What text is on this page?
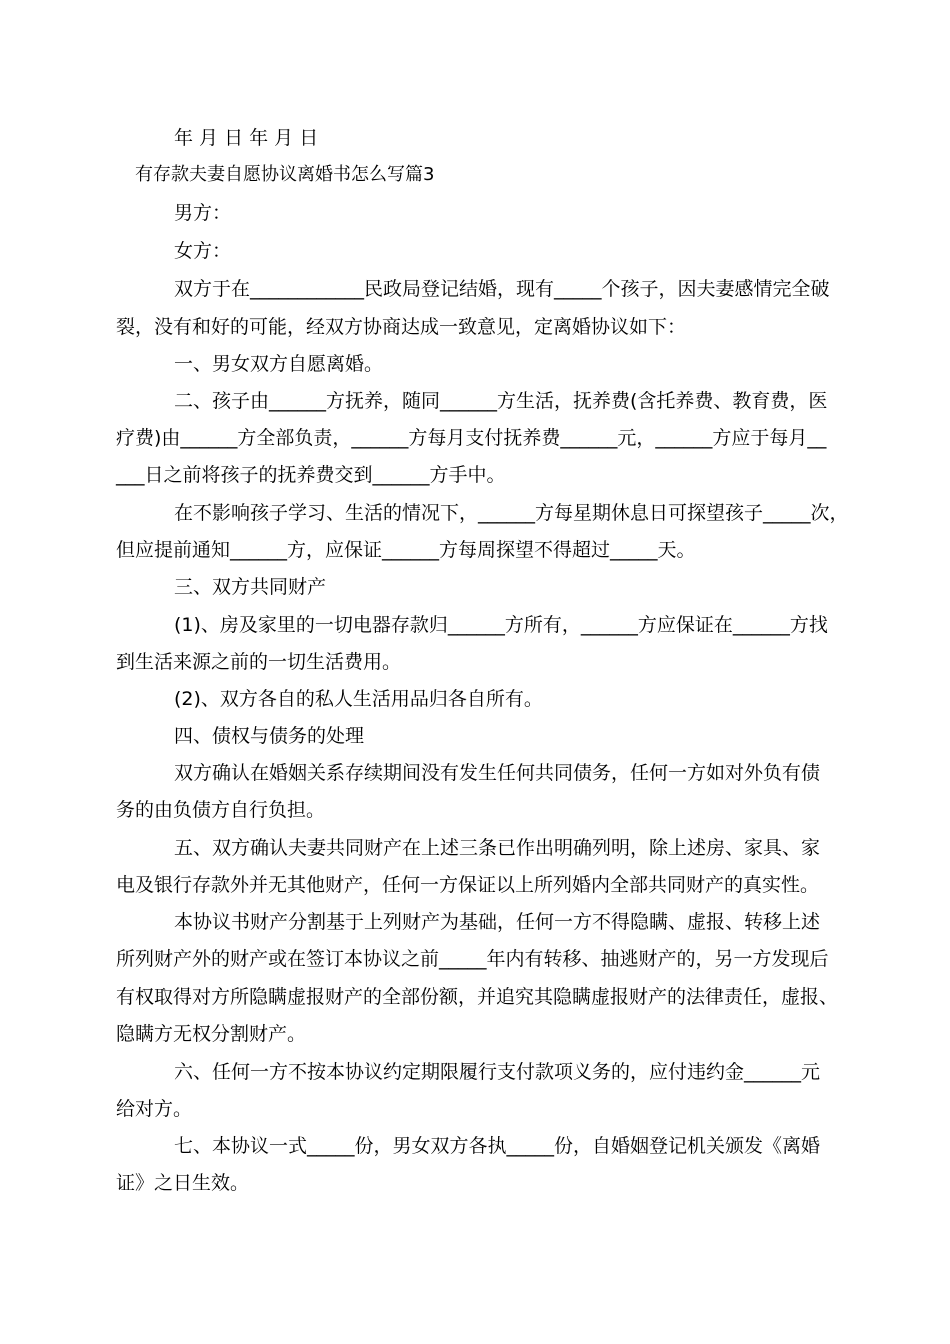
年 月 日 年 月 日
有存款夫妻自愿协议离婚书怎么写篇3
男方：
女方：
双方于在____________民政局登记结婚，现有_____个孩子，因夫妻感情完全破
裂，没有和好的可能，经双方协商达成一致意见，定离婚协议如下：
一、男女双方自愿离婚。
二、孩子由______方抚养，随同______方生活，抚养费(含托养费、教育费，医
疗费)由______方全部负责，______方每月支付抚养费______元，______方应于每月__
___日之前将孩子的抚养费交到______方手中。
在不影响孩子学习、生活的情况下，______方每星期休息日可探望孩子_____次，
但应提前通知______方，应保证______方每周探望不得超过_____天。
三、双方共同财产
(1)、房及家里的一切电器存款归______方所有，______方应保证在______方找
到生活来源之前的一切生活费用。
(2)、双方各自的私人生活用品归各自所有。
四、债权与债务的处理
双方确认在婚姻关系存续期间没有发生任何共同债务，任何一方如对外负有债
务的由负债方自行负担。
五、双方确认夫妻共同财产在上述三条已作出明确列明，除上述房、家具、家
电及银行存款外并无其他财产，任何一方保证以上所列婚内全部共同财产的真实性。
本协议书财产分割基于上列财产为基础，任何一方不得隐瞒、虚报、转移上述
所列财产外的财产或在签订本协议之前_____年内有转移、抽逃财产的，另一方发现后
有权取得对方所隐瞒虚报财产的全部份额，并追究其隐瞒虚报财产的法律责任，虚报、
隐瞒方无权分割财产。
六、任何一方不按本协议约定期限履行支付款项义务的，应付违约金______元
给对方。
七、本协议一式_____份，男女双方各执_____份，自婚姻登记机关颁发《离婚
证》之日生效。
